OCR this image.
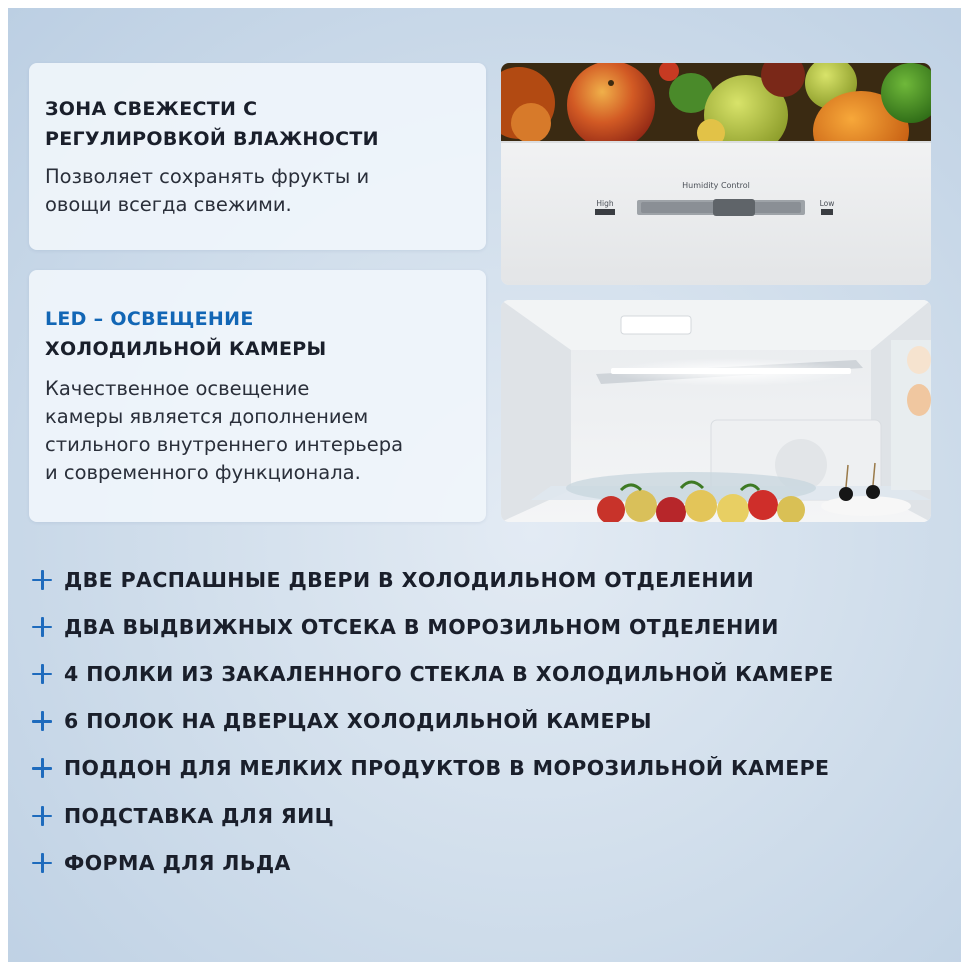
ЗОНА СВЕЖЕСТИ С
РЕГУЛИРОВКОЙ ВЛАЖНОСТИ
Позволяет сохранять фрукты и
овощи всегда свежими.
Humidity Control
High	Low
LED – ОСВЕЩЕНИЕ
ХОЛОДИЛЬНОЙ КАМЕРЫ
Качественное освещение
камеры является дополнением
стильного внутреннего интерьера
и современного функционала.
ДВЕ РАСПАШНЫЕ ДВЕРИ В ХОЛОДИЛЬНОМ ОТДЕЛЕНИИ
ДВА ВЫДВИЖНЫХ ОТСЕКА В МОРОЗИЛЬНОМ ОТДЕЛЕНИИ
4 ПОЛКИ ИЗ ЗАКАЛЕННОГО СТЕКЛА В ХОЛОДИЛЬНОЙ КАМЕРЕ
6 ПОЛОК НА ДВЕРЦАХ ХОЛОДИЛЬНОЙ КАМЕРЫ
ПОДДОН ДЛЯ МЕЛКИХ ПРОДУКТОВ В МОРОЗИЛЬНОЙ КАМЕРЕ
ПОДСТАВКА ДЛЯ ЯИЦ
ФОРМА ДЛЯ ЛЬДА
